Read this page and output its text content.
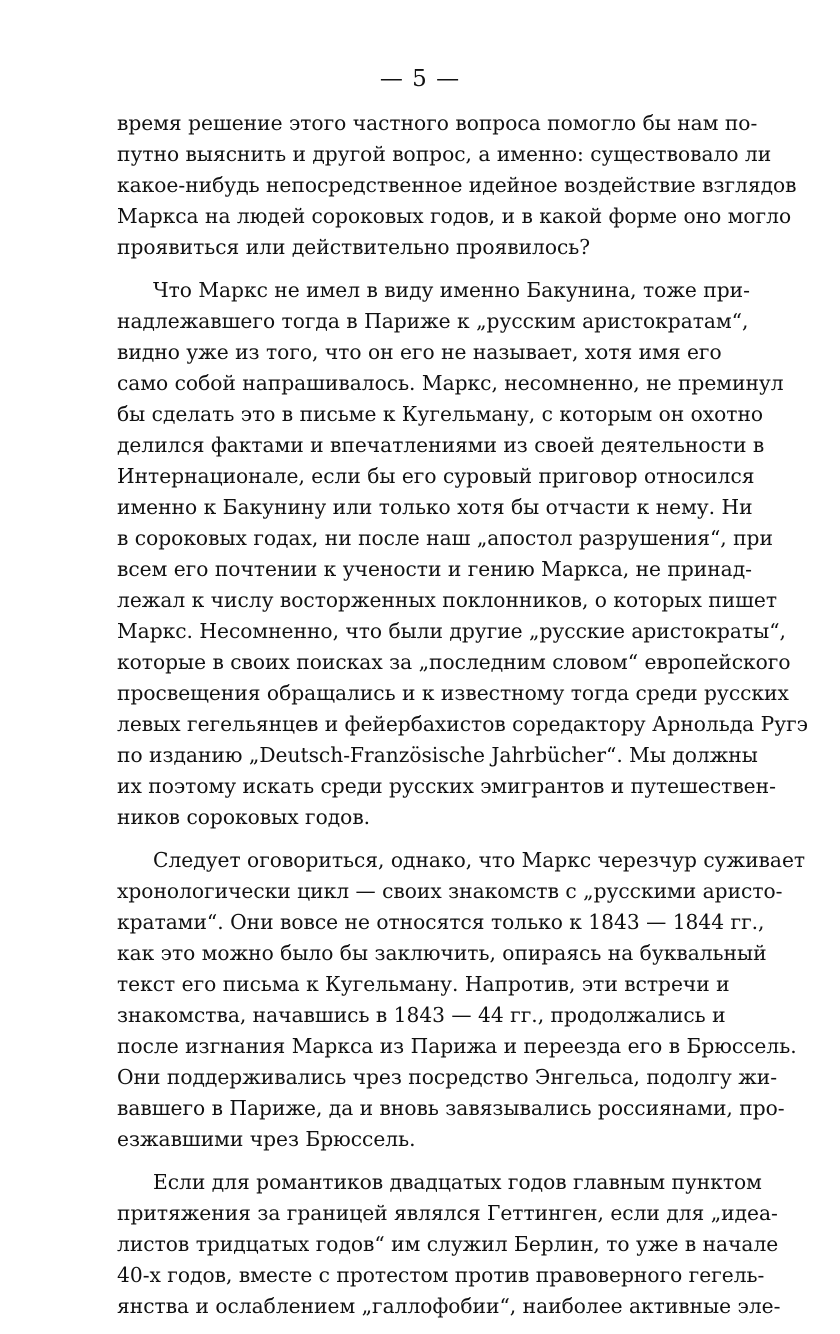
— 5 —
время решение этого частного вопроса помогло бы нам по-
путно выяснить и другой вопрос, а именно: существовало ли
какое-нибудь непосредственное идейное воздействие взглядов
Маркса на людей сороковых годов, и в какой форме оно могло
проявиться или действительно проявилось?
Что Маркс не имел в виду именно Бакунина, тоже при-
надлежавшего тогда в Париже к „русским аристократам“,
видно уже из того, что он его не называет, хотя имя его
само собой напрашивалось. Маркс, несомненно, не преминул
бы сделать это в письме к Кугельману, с которым он охотно
делился фактами и впечатлениями из своей деятельности в
Интернационале, если бы его суровый приговор относился
именно к Бакунину или только хотя бы отчасти к нему. Ни
в сороковых годах, ни после наш „апостол разрушения“, при
всем его почтении к учености и гению Маркса, не принад-
лежал к числу восторженных поклонников, о которых пишет
Маркс. Несомненно, что были другие „русские аристократы“,
которые в своих поисках за „последним словом“ европейского
просвещения обращались и к известному тогда среди русских
левых гегельянцев и фейербахистов соредактору Арнольда Ругэ
по изданию „Deutsch-Französische Jahrbücher“. Мы должны
их поэтому искать среди русских эмигрантов и путешествен-
ников сороковых годов.
Следует оговориться, однако, что Маркс черезчур суживает
хронологически цикл — своих знакомств с „русскими аристо-
кратами“. Они вовсе не относятся только к 1843 — 1844 гг.,
как это можно было бы заключить, опираясь на буквальный
текст его письма к Кугельману. Напротив, эти встречи и
знакомства, начавшись в 1843 — 44 гг., продолжались и
после изгнания Маркса из Парижа и переезда его в Брюссель.
Они поддерживались чрез посредство Энгельса, подолгу жи-
вавшего в Париже, да и вновь завязывались россиянами, про-
езжавшими чрез Брюссель.
Если для романтиков двадцатых годов главным пунктом
притяжения за границей являлся Геттинген, если для „идеа-
листов тридцатых годов“ им служил Берлин, то уже в начале
40-х годов, вместе с протестом против правоверного гегель-
янства и ослаблением „галлофобии“, наиболее активные эле-
